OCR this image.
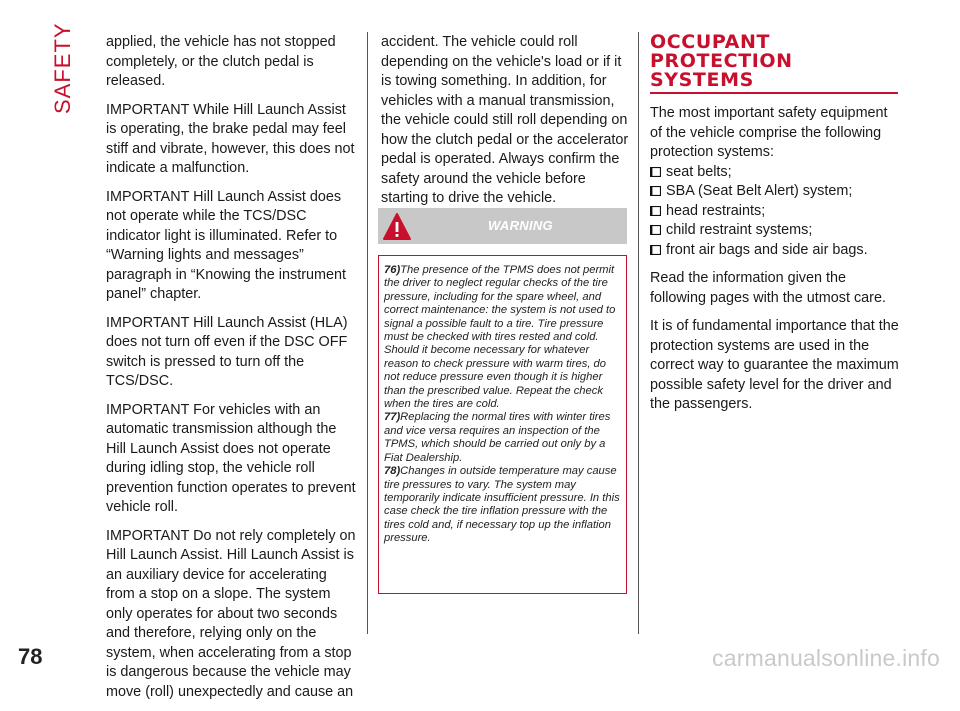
SAFETY
78

applied, the vehicle has not stopped completely, or the clutch pedal is released.

IMPORTANT While Hill Launch Assist is operating, the brake pedal may feel stiff and vibrate, however, this does not indicate a malfunction.

IMPORTANT Hill Launch Assist does not operate while the TCS/DSC indicator light is illuminated. Refer to “Warning lights and messages” paragraph in “Knowing the instrument panel” chapter.

IMPORTANT Hill Launch Assist (HLA) does not turn off even if the DSC OFF switch is pressed to turn off the TCS/DSC.

IMPORTANT For vehicles with an automatic transmission although the Hill Launch Assist does not operate during idling stop, the vehicle roll prevention function operates to prevent vehicle roll.

IMPORTANT Do not rely completely on Hill Launch Assist. Hill Launch Assist is an auxiliary device for accelerating from a stop on a slope. The system only operates for about two seconds and therefore, relying only on the system, when accelerating from a stop is dangerous because the vehicle may move (roll) unexpectedly and cause an

accident. The vehicle could roll depending on the vehicle's load or if it is towing something. In addition, for vehicles with a manual transmission, the vehicle could still roll depending on how the clutch pedal or the accelerator pedal is operated. Always confirm the safety around the vehicle before starting to drive the vehicle.

WARNING
76)The presence of the TPMS does not permit the driver to neglect regular checks of the tire pressure, including for the spare wheel, and correct maintenance: the system is not used to signal a possible fault to a tire. Tire pressure must be checked with tires rested and cold. Should it become necessary for whatever reason to check pressure with warm tires, do not reduce pressure even though it is higher than the prescribed value. Repeat the check when the tires are cold.
77)Replacing the normal tires with winter tires and vice versa requires an inspection of the TPMS, which should be carried out only by a Fiat Dealership.
78)Changes in outside temperature may cause tire pressures to vary. The system may temporarily indicate insufficient pressure. In this case check the tire inflation pressure with the tires cold and, if necessary top up the inflation pressure.
OCCUPANT
PROTECTION
SYSTEMS

The most important safety equipment of the vehicle comprise the following protection systems:

seat belts;
SBA (Seat Belt Alert) system;
head restraints;
child restraint systems;
front air bags and side air bags.

Read the information given the following pages with the utmost care.

It is of fundamental importance that the protection systems are used in the correct way to guarantee the maximum possible safety level for the driver and the passengers.

carmanualsonline.info
